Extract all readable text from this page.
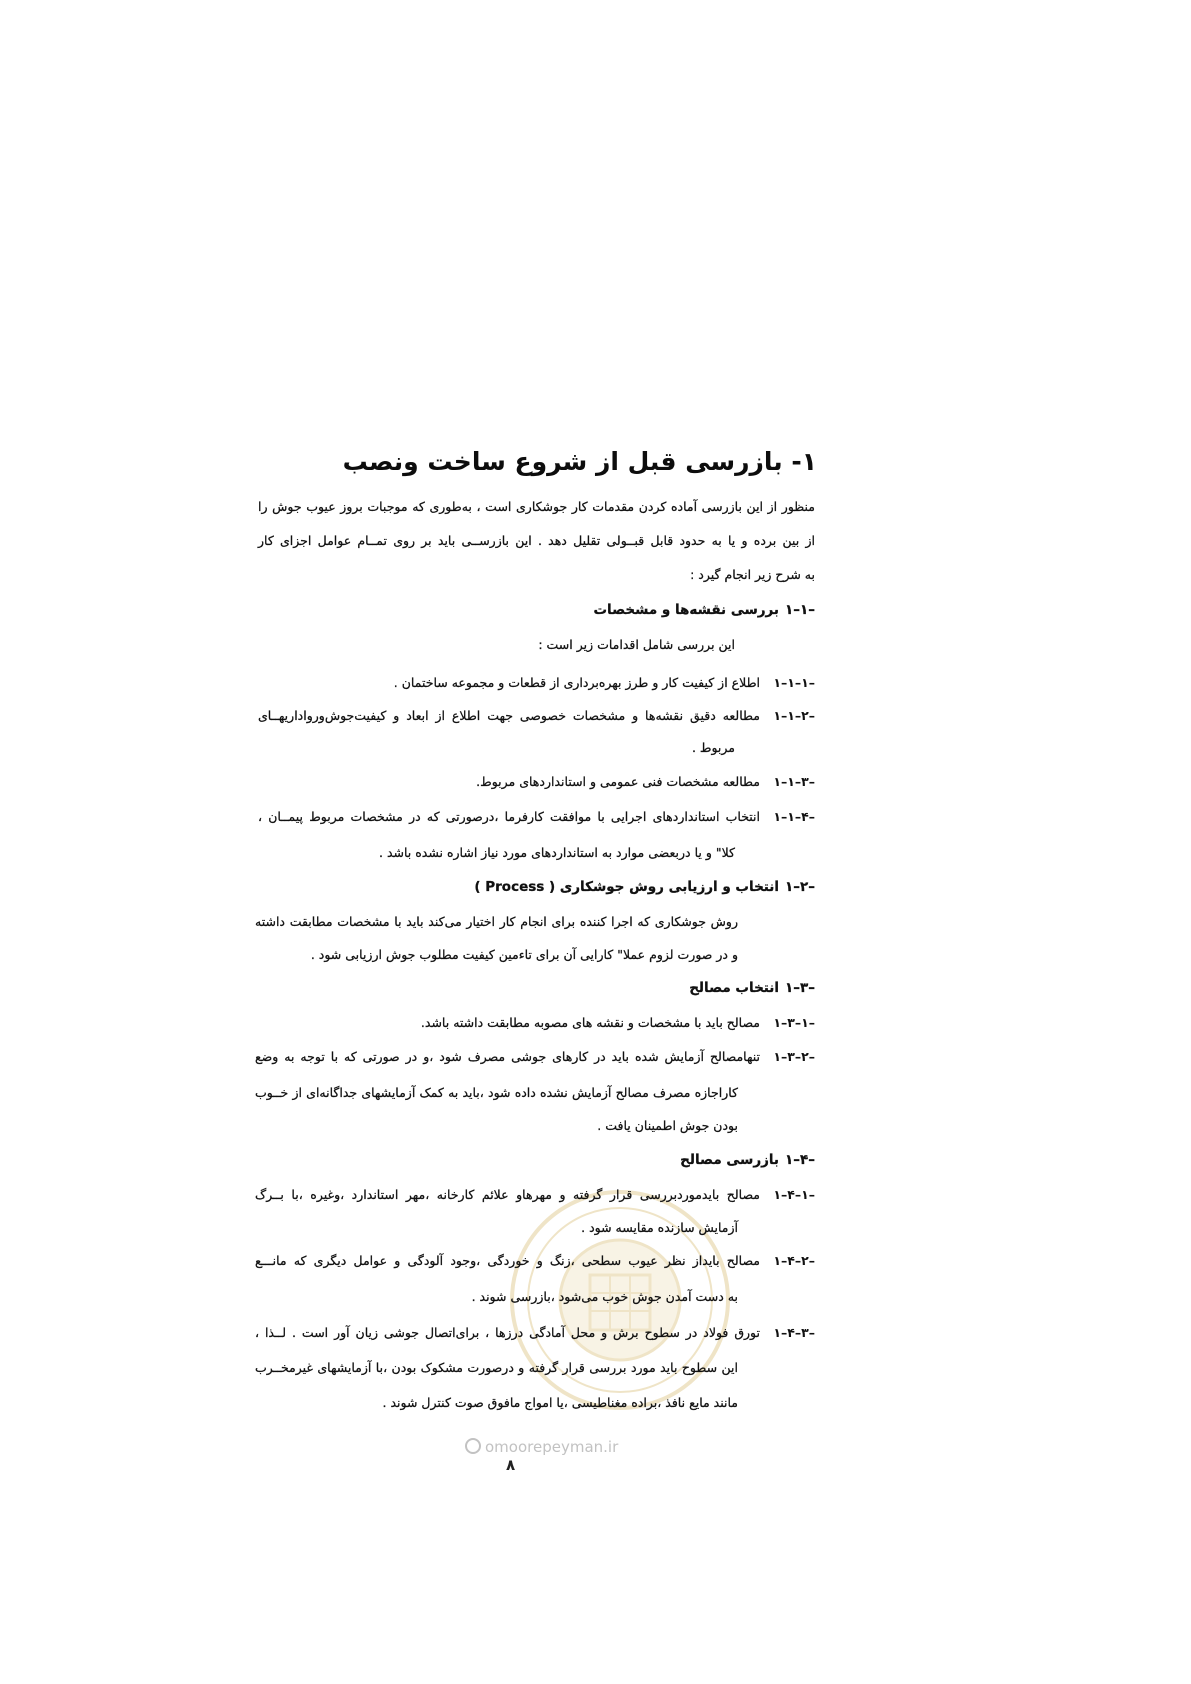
۱- بازرسی قبل از شروع ساخت ونصب
منظور از این بازرسی آماده کردن مقدمات کار جوشکاری است ، به‌طوری که موجبات بروز عیوب جوش را
از بین برده و یا به حدود قابل قبــولی تقلیل دهد . این بازرســی باید بر روی تمــام عوامل اجزای کار
به شرح زیر انجام گیرد :
۱–۱–بررسی نقشه‌ها و مشخصات
این بررسی شامل اقدامات زیر است :
۱–۱–۱–
اطلاع از کیفیت کار و طرز بهره‌برداری از قطعات و مجموعه ساختمان .
۱–۱–۲–
مطالعه دقیق نقشه‌ها و مشخصات خصوصی جهت اطلاع از ابعاد و کیفیت‌جوش‌ورواداریهــای
مربوط .
۱–۱–۳–
مطالعه مشخصات فنی عمومی و استانداردهای مربوط.
۱–۱–۴–
انتخاب استانداردهای اجرایی با موافقت کارفرما ،درصورتی که در مشخصات مربوط پیمــان ،
کلا" و یا دربعضی موارد به استانداردهای مورد نیاز اشاره نشده باشد .
۱–۲–انتخاب و ارزیابی روش جوشکاری ( Process )
روش جوشکاری که اجرا کننده برای انجام کار اختیار می‌کند باید با مشخصات مطابقت داشته
و در صورت لزوم عملا" کارایی آن برای تاءمین کیفیت مطلوب جوش ارزیابی شود .
۱–۳–انتخاب مصالح
۱–۳–۱–
مصالح باید با مشخصات و نقشه های مصوبه مطابقت داشته باشد.
۱–۳–۲–
تنهامصالح آزمایش شده باید در کارهای جوشی مصرف شود ،و در صورتی که با توجه به وضع
کاراجازه مصرف مصالح آزمایش نشده داده شود ،باید به کمک آزمایشهای جداگانه‌ای از خــوب
بودن جوش اطمینان یافت .
۱–۴–بازرسی مصالح
۱–۴–۱–
مصالح بایدموردبررسی قرار گرفته و مهرهاو علائم کارخانه ،مهر استاندارد ،وغیره ،با بــرگ
آزمایش سازنده مقایسه شود .
۱–۴–۲–
مصالح بایداز نظر عیوب سطحی ،زنگ و خوردگی ،وجود آلودگی و عوامل دیگری که مانـــع
به دست آمدن جوش خوب می‌شود ،بازرسی شوند .
۱–۴–۳–
تورق فولاد در سطوح برش و محل آمادگی درزها ، برای‌اتصال جوشی زیان آور است . لــذا ،
این سطوح باید مورد بررسی قرار گرفته و درصورت مشکوک بودن ،با آزمایشهای غیرمخــرب
مانند مایع نافذ ،براده مغناطیسی ،یا امواج مافوق صوت کنترل شوند .
omoorepeyman.ir
۸
